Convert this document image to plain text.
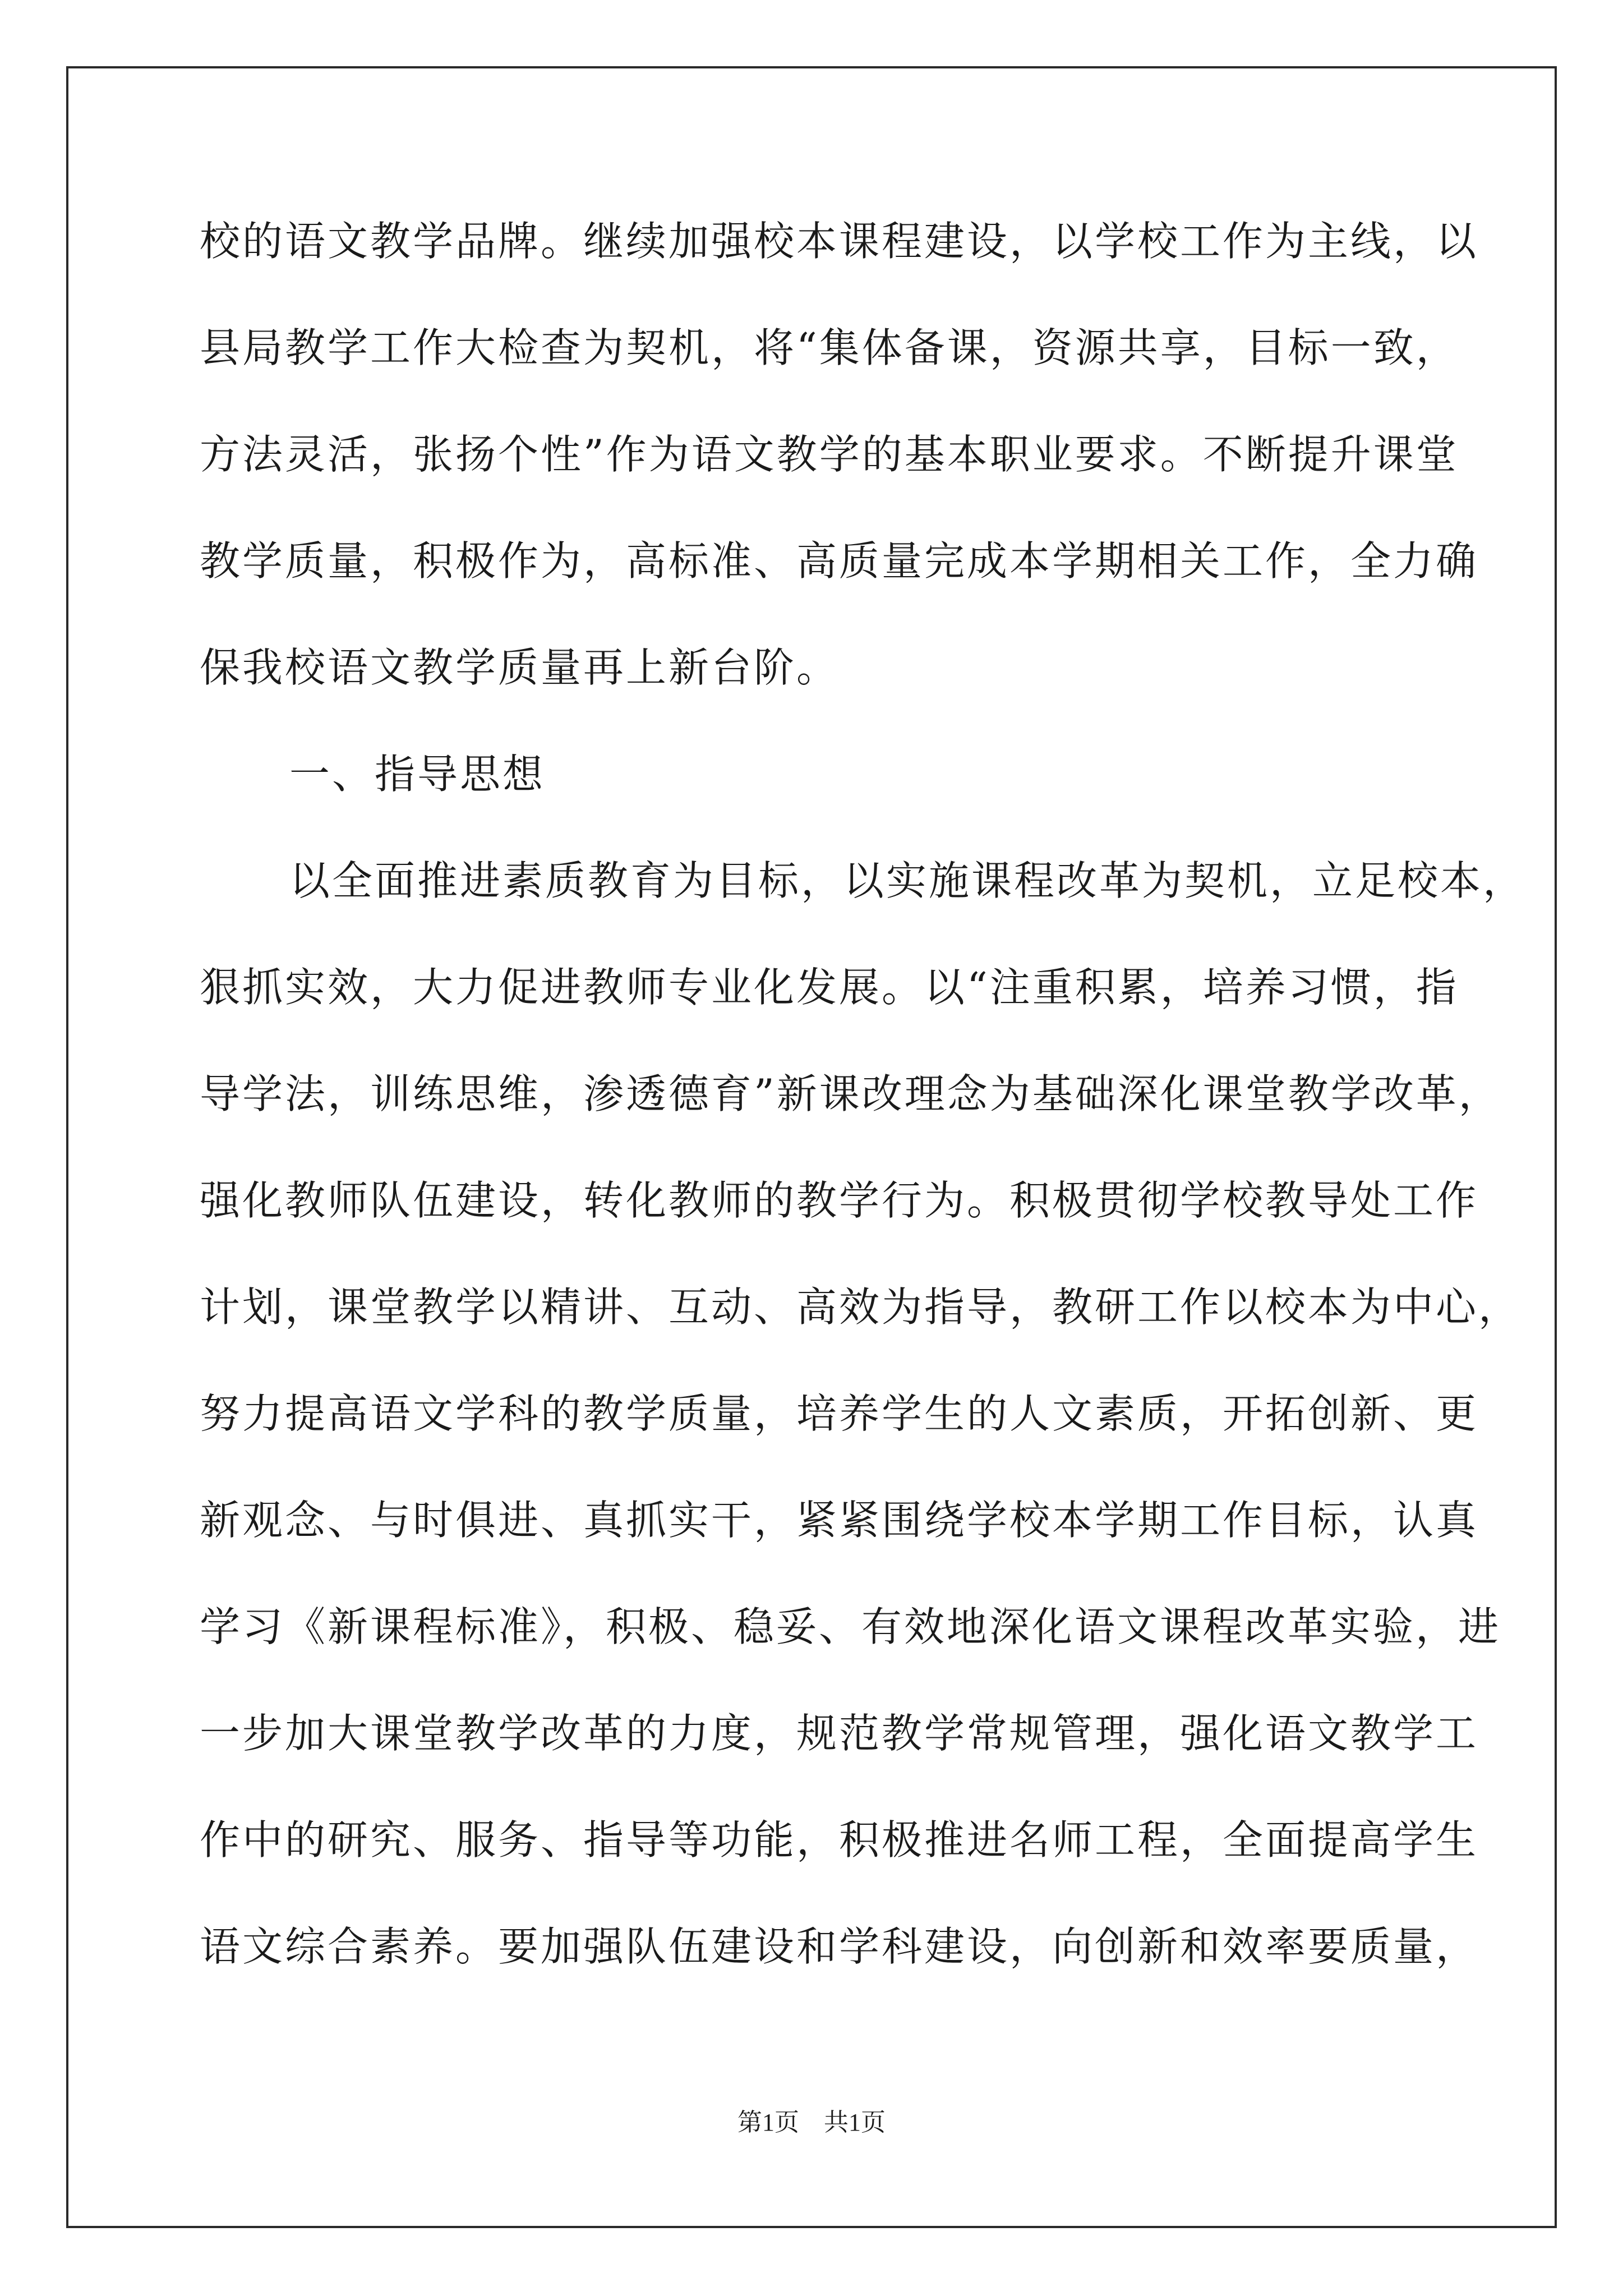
校的语文教学品牌。继续加强校本课程建设，以学校工作为主线，以
县局教学工作大检查为契机，将“集体备课，资源共享，目标一致，
方法灵活，张扬个性”作为语文教学的基本职业要求。不断提升课堂
教学质量，积极作为，高标准、高质量完成本学期相关工作，全力确
保我校语文教学质量再上新台阶。
一、指导思想
以全面推进素质教育为目标，以实施课程改革为契机，立足校本，
狠抓实效，大力促进教师专业化发展。以“注重积累，培养习惯，指
导学法，训练思维，渗透德育”新课改理念为基础深化课堂教学改革，
强化教师队伍建设，转化教师的教学行为。积极贯彻学校教导处工作
计划，课堂教学以精讲、互动、高效为指导，教研工作以校本为中心，
努力提高语文学科的教学质量，培养学生的人文素质，开拓创新、更
新观念、与时俱进、真抓实干，紧紧围绕学校本学期工作目标，认真
学习《新课程标准》，积极、稳妥、有效地深化语文课程改革实验，进
一步加大课堂教学改革的力度，规范教学常规管理，强化语文教学工
作中的研究、服务、指导等功能，积极推进名师工程，全面提高学生
语文综合素养。要加强队伍建设和学科建设，向创新和效率要质量，
第1页　共1页
